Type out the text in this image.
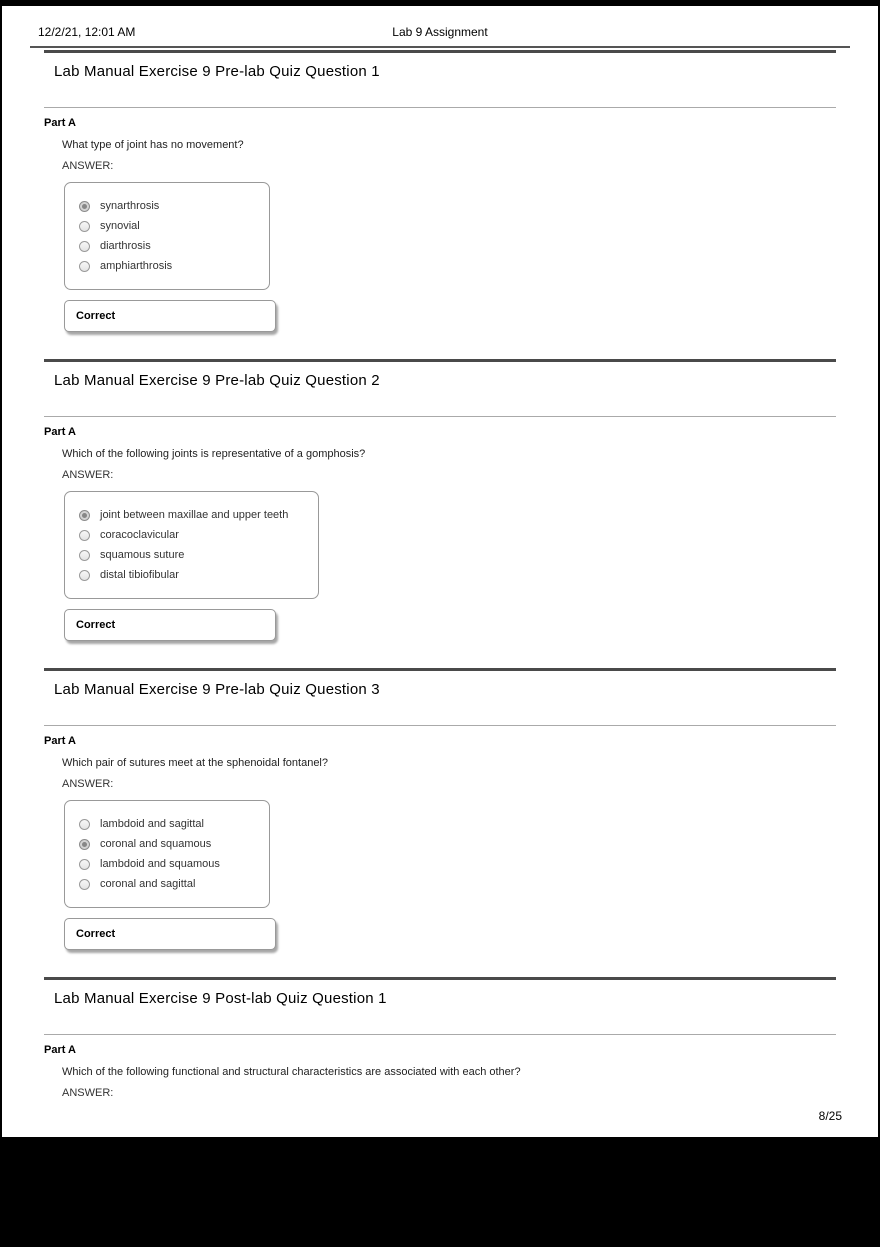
12/2/21, 12:01 AM	Lab 9 Assignment
Lab Manual Exercise 9 Pre-lab Quiz Question 1
Part A
What type of joint has no movement?
ANSWER:
synarthrosis
synovial
diarthrosis
amphiarthrosis
Correct
Lab Manual Exercise 9 Pre-lab Quiz Question 2
Part A
Which of the following joints is representative of a gomphosis?
ANSWER:
joint between maxillae and upper teeth
coracoclavicular
squamous suture
distal tibiofibular
Correct
Lab Manual Exercise 9 Pre-lab Quiz Question 3
Part A
Which pair of sutures meet at the sphenoidal fontanel?
ANSWER:
lambdoid and sagittal
coronal and squamous
lambdoid and squamous
coronal and sagittal
Correct
Lab Manual Exercise 9 Post-lab Quiz Question 1
Part A
Which of the following functional and structural characteristics are associated with each other?
ANSWER:
8/25
